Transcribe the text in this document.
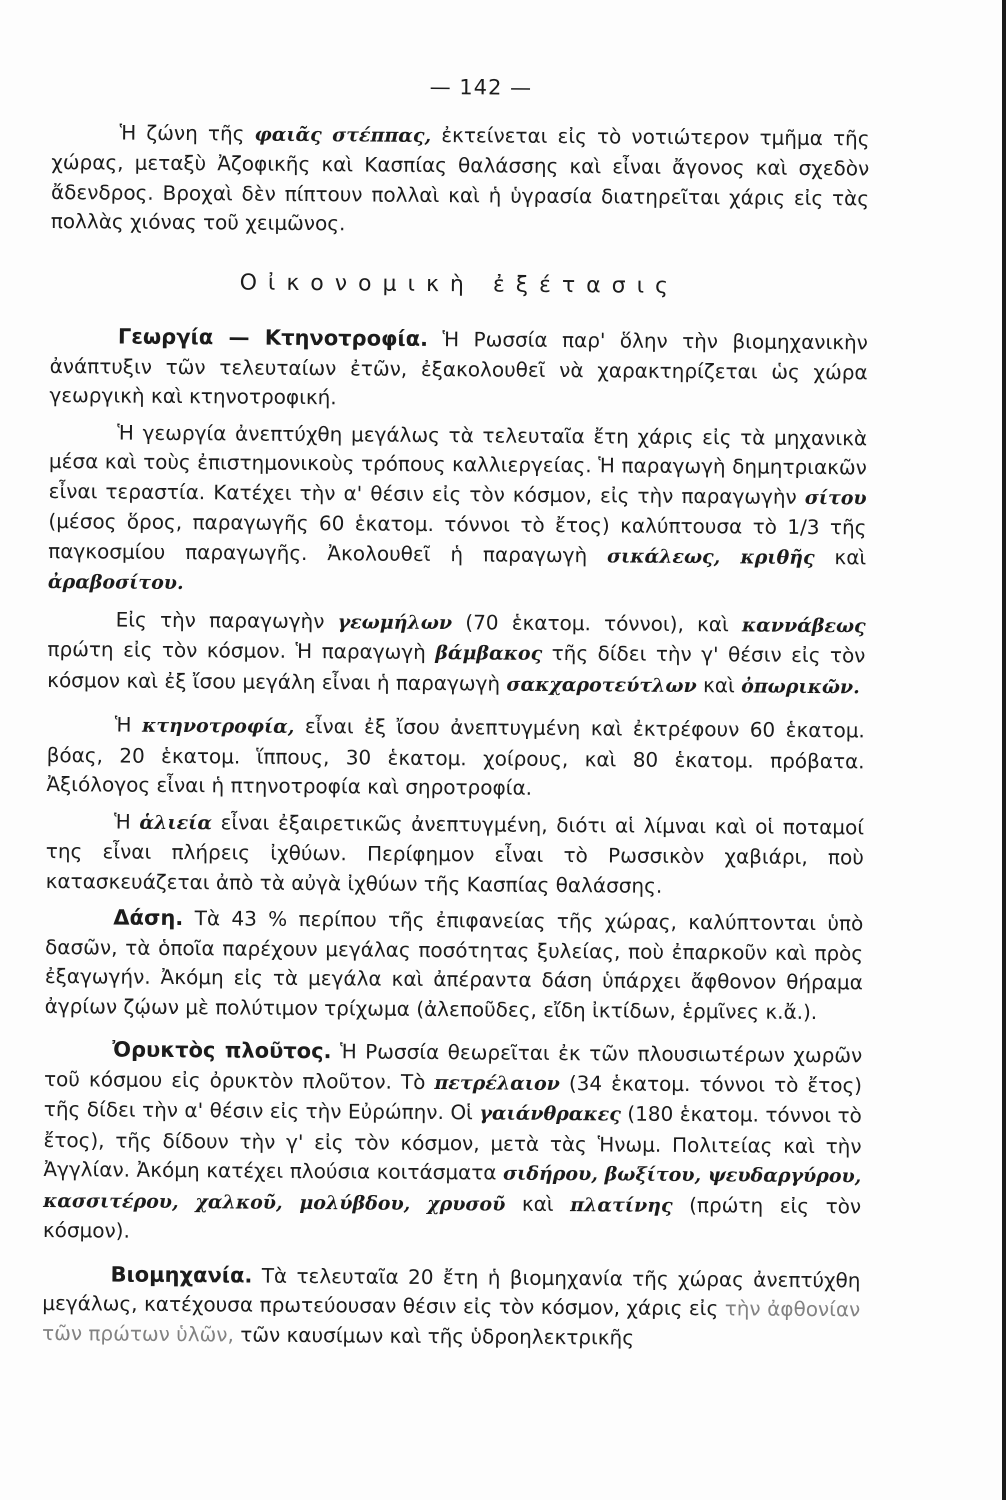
— 142 —

Ἡ ζώνη τῆς φαιᾶς στέππας, ἐκτείνεται εἰς τὸ νοτιώτερον τμῆμα τῆς χώρας, μεταξὺ Ἀζοφικῆς καὶ Κασπίας θαλάσσης καὶ εἶναι ἄγονος καὶ σχεδὸν ἄδενδρος. Βροχαὶ δὲν πίπτουν πολλαὶ καὶ ἡ ὑγρασία διατηρεῖται χάρις εἰς τὰς πολλὰς χιόνας τοῦ χειμῶνος.

Οἰκονομικὴ ἐξέτασις

Γεωργία — Κτηνοτροφία. Ἡ Ρωσσία παρ' ὅλην τὴν βιομηχανικὴν ἀνάπτυξιν τῶν τελευταίων ἐτῶν, ἐξακολουθεῖ νὰ χαρακτηρίζεται ὡς χώρα γεωργικὴ καὶ κτηνοτροφική.

Ἡ γεωργία ἀνεπτύχθη μεγάλως τὰ τελευταῖα ἔτη χάρις εἰς τὰ μηχανικὰ μέσα καὶ τοὺς ἐπιστημονικοὺς τρόπους καλλιεργείας. Ἡ παραγωγὴ δημητριακῶν εἶναι τεραστία. Κατέχει τὴν α' θέσιν εἰς τὸν κόσμον, εἰς τὴν παραγωγὴν σίτου (μέσος ὅρος, παραγωγῆς 60 ἑκατομ. τόννοι τὸ ἔτος) καλύπτουσα τὸ 1/3 τῆς παγκοσμίου παραγωγῆς. Ἀκολουθεῖ ἡ παραγωγὴ σικάλεως, κριθῆς καὶ ἀραβοσίτου.

Εἰς τὴν παραγωγὴν γεωμήλων (70 ἑκατομ. τόννοι), καὶ καννάβεως πρώτη εἰς τὸν κόσμον. Ἡ παραγωγὴ βάμβακος τῆς δίδει τὴν γ' θέσιν εἰς τὸν κόσμον καὶ ἐξ ἴσου μεγάλη εἶναι ἡ παραγωγὴ σακχαροτεύτλων καὶ ὀπωρικῶν.

Ἡ κτηνοτροφία, εἶναι ἐξ ἴσου ἀνεπτυγμένη καὶ ἐκτρέφουν 60 ἑκατομ. βόας, 20 ἑκατομ. ἵππους, 30 ἑκατομ. χοίρους, καὶ 80 ἑκατομ. πρόβατα. Ἀξιόλογος εἶναι ἡ πτηνοτροφία καὶ σηροτροφία.

Ἡ ἁλιεία εἶναι ἐξαιρετικῶς ἀνεπτυγμένη, διότι αἱ λίμναι καὶ οἱ ποταμοί της εἶναι πλήρεις ἰχθύων. Περίφημον εἶναι τὸ Ρωσσικὸν χαβιάρι, ποὺ κατασκευάζεται ἀπὸ τὰ αὐγὰ ἰχθύων τῆς Κασπίας θαλάσσης.

Δάση. Τὰ 43 % περίπου τῆς ἐπιφανείας τῆς χώρας, καλύπτονται ὑπὸ δασῶν, τὰ ὁποῖα παρέχουν μεγάλας ποσότητας ξυλείας, ποὺ ἐπαρκοῦν καὶ πρὸς ἐξαγωγήν. Ἀκόμη εἰς τὰ μεγάλα καὶ ἀπέραντα δάση ὑπάρχει ἄφθονον θήραμα ἀγρίων ζῴων μὲ πολύτιμον τρίχωμα (ἀλεποῦδες, εἴδη ἰκτίδων, ἑρμῖνες κ.ἄ.).

Ὀρυκτὸς πλοῦτος. Ἡ Ρωσσία θεωρεῖται ἐκ τῶν πλουσιωτέρων χωρῶν τοῦ κόσμου εἰς ὀρυκτὸν πλοῦτον. Τὸ πετρέλαιον (34 ἑκατομ. τόννοι τὸ ἔτος) τῆς δίδει τὴν α' θέσιν εἰς τὴν Εὐρώπην. Οἱ γαιάνθρακες (180 ἑκατομ. τόννοι τὸ ἔτος), τῆς δίδουν τὴν γ' εἰς τὸν κόσμον, μετὰ τὰς Ἡνωμ. Πολιτείας καὶ τὴν Ἀγγλίαν. Ἀκόμη κατέχει πλούσια κοιτάσματα σιδήρου, βωξίτου, ψευδαργύρου, κασσιτέρου, χαλκοῦ, μολύβδου, χρυσοῦ καὶ πλατίνης (πρώτη εἰς τὸν κόσμον).

Βιομηχανία. Τὰ τελευταῖα 20 ἔτη ἡ βιομηχανία τῆς χώρας ἀνεπτύχθη μεγάλως, κατέχουσα πρωτεύουσαν θέσιν εἰς τὸν κόσμον, χάρις εἰς τὴν ἀφθονίαν τῶν πρώτων ὑλῶν, τῶν καυσίμων καὶ τῆς ὑδροηλεκτρικῆς
